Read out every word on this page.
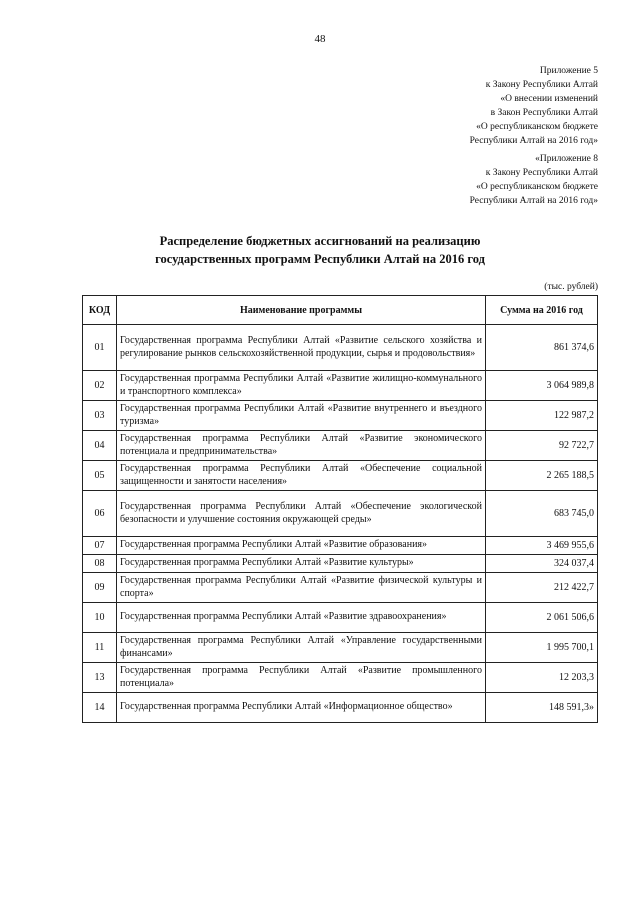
48
Приложение 5
к Закону Республики Алтай
«О внесении изменений
в Закон Республики Алтай
«О республиканском бюджете
Республики Алтай на 2016 год»
«Приложение 8
к Закону Республики Алтай
«О республиканском бюджете
Республики Алтай на 2016 год»
Распределение бюджетных ассигнований на реализацию
государственных программ Республики Алтай на 2016 год
(тыс. рублей)
КОД	Наименование программы	Сумма на 2016 год
01	Государственная программа Республики Алтай «Развитие сельского хозяйства и регулирование рынков сельскохозяйственной продукции, сырья и продовольствия»	861 374,6
02	Государственная программа Республики Алтай «Развитие жилищно-коммунального и транспортного комплекса»	3 064 989,8
03	Государственная программа Республики Алтай «Развитие внутреннего и въездного туризма»	122 987,2
04	Государственная программа Республики Алтай «Развитие экономического потенциала и предпринимательства»	92 722,7
05	Государственная программа Республики Алтай «Обеспечение социальной защищенности и занятости населения»	2 265 188,5
06	Государственная программа Республики Алтай «Обеспечение экологической безопасности и улучшение состояния окружающей среды»	683 745,0
07	Государственная программа Республики Алтай «Развитие образования»	3 469 955,6
08	Государственная программа Республики Алтай «Развитие культуры»	324 037,4
09	Государственная программа Республики Алтай «Развитие физической культуры и спорта»	212 422,7
10	Государственная программа Республики Алтай «Развитие здравоохранения»	2 061 506,6
11	Государственная программа Республики Алтай «Управление государственными финансами»	1 995 700,1
13	Государственная программа Республики Алтай «Развитие промышленного потенциала»	12 203,3
14	Государственная программа Республики Алтай «Информационное общество»	148 591,3»
